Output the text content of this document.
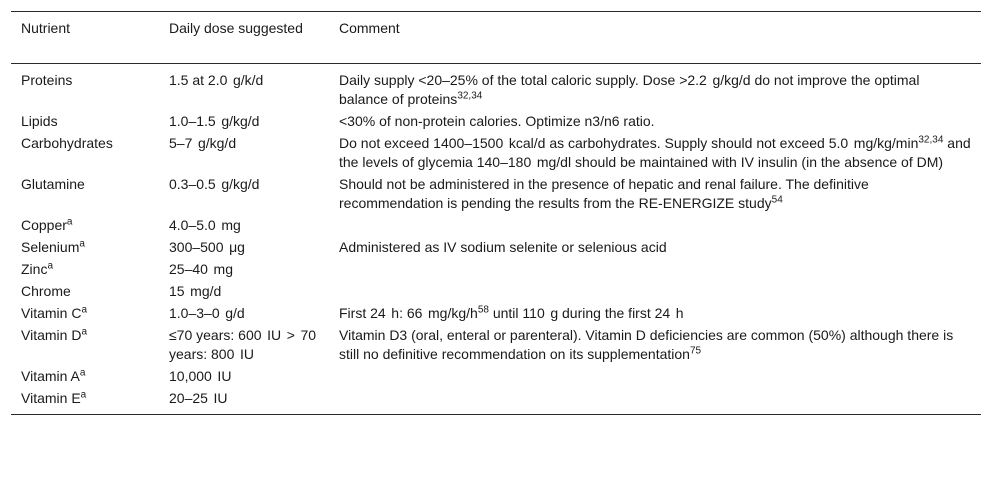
Nutrient	Daily dose suggested	Comment
Proteins	1.5 at 2.0  g/k/d	Daily supply <20–25% of the total caloric supply. Dose >2.2  g/kg/d do not improve the optimal balance of proteins$^{32,34}$
Lipids	1.0–1.5  g/kg/d	<30% of non-protein calories. Optimize n3/n6 ratio.
Carbohydrates	5–7  g/kg/d	Do not exceed 1400–1500  kcal/d as carbohydrates. Supply should not exceed 5.0  $mg/kg/\min^{32,34}$ and the levels of glycemia 140–180  mg/dl should be maintained with IV insulin (in the absence of DM)
Glutamine	0.3–0.5  g/kg/d	Should not be administered in the presence of hepatic and renal failure. The definitive recommendation is pending the results from the RE-ENERGIZE study$^{54}$
Copper$^a$	4.0–5.0  mg	
Selenium$^a$	300–500  μg	Administered as IV sodium selenite or selenious acid
Zinc$^a$	25–40  mg	
Chrome	15  mg/d	
Vitamin $C^a$	1.0–3–0  g/d	First 24  h: 66  $mg/kg/h^{58}$ until 110  g during the first 24  h
Vitamin $D^a$	≤70 years: 600  IU  >  70 years: 800  IU	Vitamin D3 (oral, enteral or parenteral). Vitamin D deficiencies are common (50%) although there is still no definitive recommendation on its supplementation$^{75}$
Vitamin $A^a$	10,000  IU	
Vitamin $E^a$	20–25  IU	
